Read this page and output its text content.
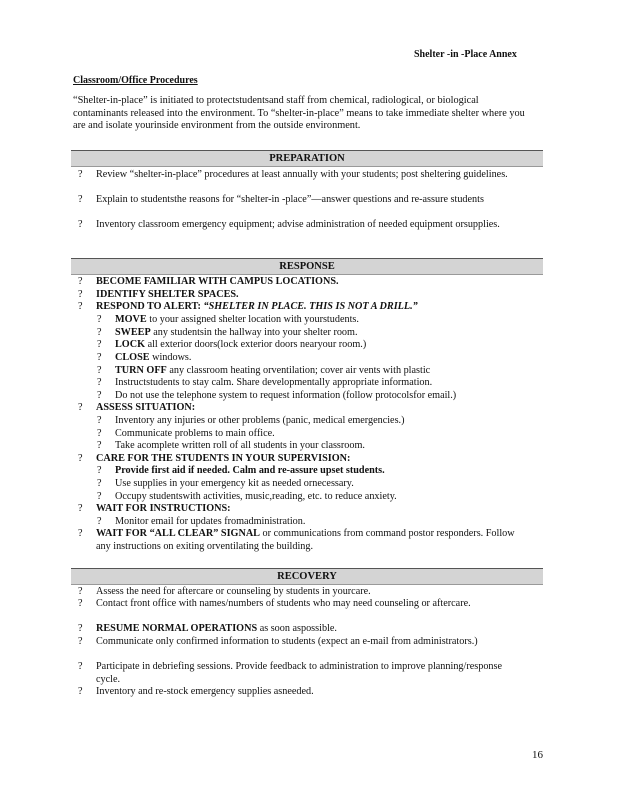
Shelter -in -Place Annex
Classroom/Office Procedures
“Shelter-in-place” is initiated to protectstudentsand staff from chemical, radiological, or biological contaminants released into the environment. To “shelter-in-place” means to take immediate shelter where you are and isolate yourinside environment from the outside environment.
PREPARATION
?	Review “shelter-in-place” procedures at least annually with your students; post sheltering guidelines.
?	Explain to studentsthe reasons for “shelter-in -place”—answer questions and re-assure students
?	Inventory classroom emergency equipment; advise administration of needed equipment orsupplies.
RESPONSE
?	BECOME FAMILIAR WITH CAMPUS LOCATIONS.
?	IDENTIFY SHELTER SPACES.
?	RESPOND TO ALERT: “SHELTER IN PLACE. THIS IS NOT A DRILL.”
?	MOVE to your assigned shelter location with yourstudents.
?	SWEEP any studentsin the hallway into your shelter room.
?	LOCK all exterior doors(lock exterior doors nearyour room.)
?	CLOSE windows.
?	TURN OFF any classroom heating orventilation; cover air vents with plastic
?	Instructstudents to stay calm. Share developmentally appropriate information.
?	Do not use the telephone system to request information (follow protocolsfor email.)
?	ASSESS SITUATION:
?	Inventory any injuries or other problems (panic, medical emergencies.)
?	Communicate problems to main office.
?	Take acomplete written roll of all students in your classroom.
?	CARE FOR THE STUDENTS IN YOUR SUPERVISION:
?	Provide first aid if needed. Calm and re-assure upset students.
?	Use supplies in your emergency kit as needed ornecessary.
?	Occupy studentswith activities, music,reading, etc. to reduce anxiety.
?	WAIT FOR INSTRUCTIONS:
?	Monitor email for updates fromadministration.
?	WAIT FOR “ALL CLEAR” SIGNAL or communications from command postor responders. Follow any instructions on exiting orventilating the building.
RECOVERY
?	Assess the need for aftercare or counseling by students in yourcare.
?	Contact front office with names/numbers of students who may need counseling or aftercare.
?	RESUME NORMAL OPERATIONS as soon aspossible.
?	Communicate only confirmed information to students (expect an e-mail from administrators.)
?	Participate in debriefing sessions. Provide feedback to administration to improve planning/response cycle.
?	Inventory and re-stock emergency supplies asneeded.
16
